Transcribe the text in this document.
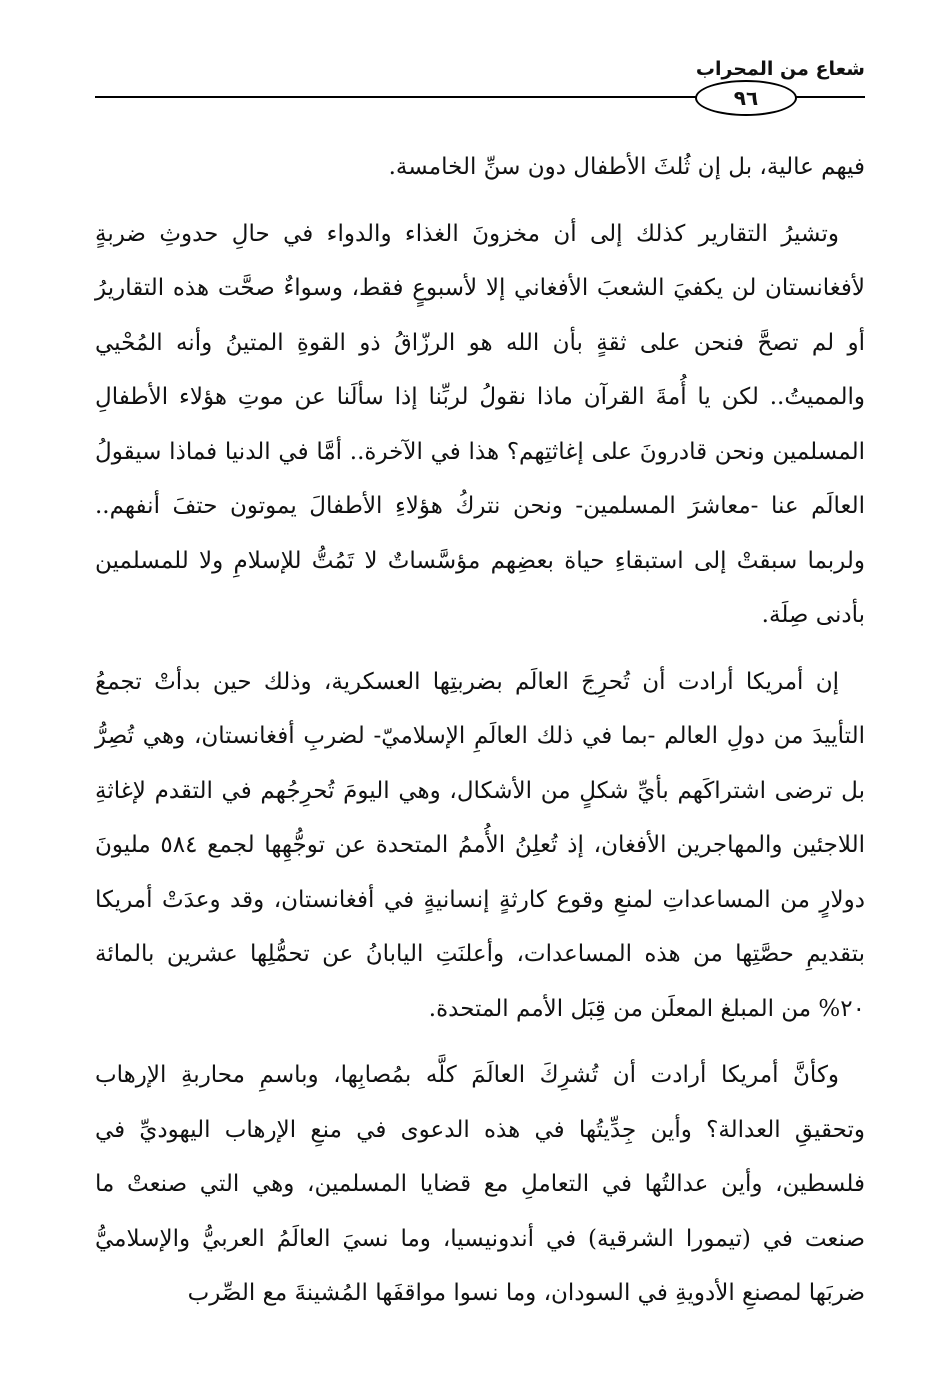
شعاع من المحراب
٩٦

فيهم عالية، بل إن ثُلثَ الأطفال دون سنِّ الخامسة.

وتشيرُ التقارير كذلك إلى أن مخزونَ الغذاء والدواء في حالِ حدوثِ ضربةٍ لأفغانستان لن يكفيَ الشعبَ الأفغاني إلا لأسبوعٍ فقط، وسواءٌ صحَّت هذه التقاريرُ أو لم تصحَّ فنحن على ثقةٍ بأن الله هو الرزّاقُ ذو القوةِ المتينُ وأنه المُحْيي والمميتُ.. لكن يا أُمةَ القرآن ماذا نقولُ لربِّنا إذا سألَنا عن موتِ هؤلاء الأطفالِ المسلمين ونحن قادرونَ على إغاثتِهم؟ هذا في الآخرة.. أمَّا في الدنيا فماذا سيقولُ العالَم عنا -معاشرَ المسلمين- ونحن نتركُ هؤلاءِ الأطفالَ يموتون حتفَ أنفهم.. ولربما سبقتْ إلى استبقاءِ حياة بعضِهم مؤسَّساتٌ لا تَمُتُّ للإسلامِ ولا للمسلمين بأدنى صِلَة.

إن أمريكا أرادت أن تُحرِجَ العالَم بضربتِها العسكرية، وذلك حين بدأتْ تجمعُ التأييدَ من دولِ العالم -بما في ذلك العالَمِ الإسلاميّ- لضربِ أفغانستان، وهي تُصِرُّ بل ترضى اشتراكَهم بأيِّ شكلٍ من الأشكال، وهي اليومَ تُحرِجُهم في التقدم لإغاثةِ اللاجئين والمهاجرين الأفغان، إذ تُعلِنُ الأُممُ المتحدة عن توجُّهِها لجمع ٥٨٤ مليونَ دولارٍ من المساعداتِ لمنعِ وقوع كارثةٍ إنسانيةٍ في أفغانستان، وقد وعدَتْ أمريكا بتقديمِ حصَّتِها من هذه المساعدات، وأعلنَتِ اليابانُ عن تحمُّلِها عشرين بالمائة ٢٠% من المبلغ المعلَن من قِبَل الأمم المتحدة.

وكأنَّ أمريكا أرادت أن تُشرِكَ العالَمَ كلَّه بمُصابِها، وباسمِ محاربةِ الإرهاب وتحقيقِ العدالة؟ وأين جِدِّيتُها في هذه الدعوى في منعِ الإرهاب اليهوديِّ في فلسطين، وأين عدالتُها في التعاملِ مع قضايا المسلمين، وهي التي صنعتْ ما صنعت في (تيمورا الشرقية) في أندونيسيا، وما نسيَ العالَمُ العربيُّ والإسلاميُّ ضربَها لمصنعِ الأدويةِ في السودان، وما نسوا مواقفَها المُشينةَ مع الصِّرب
